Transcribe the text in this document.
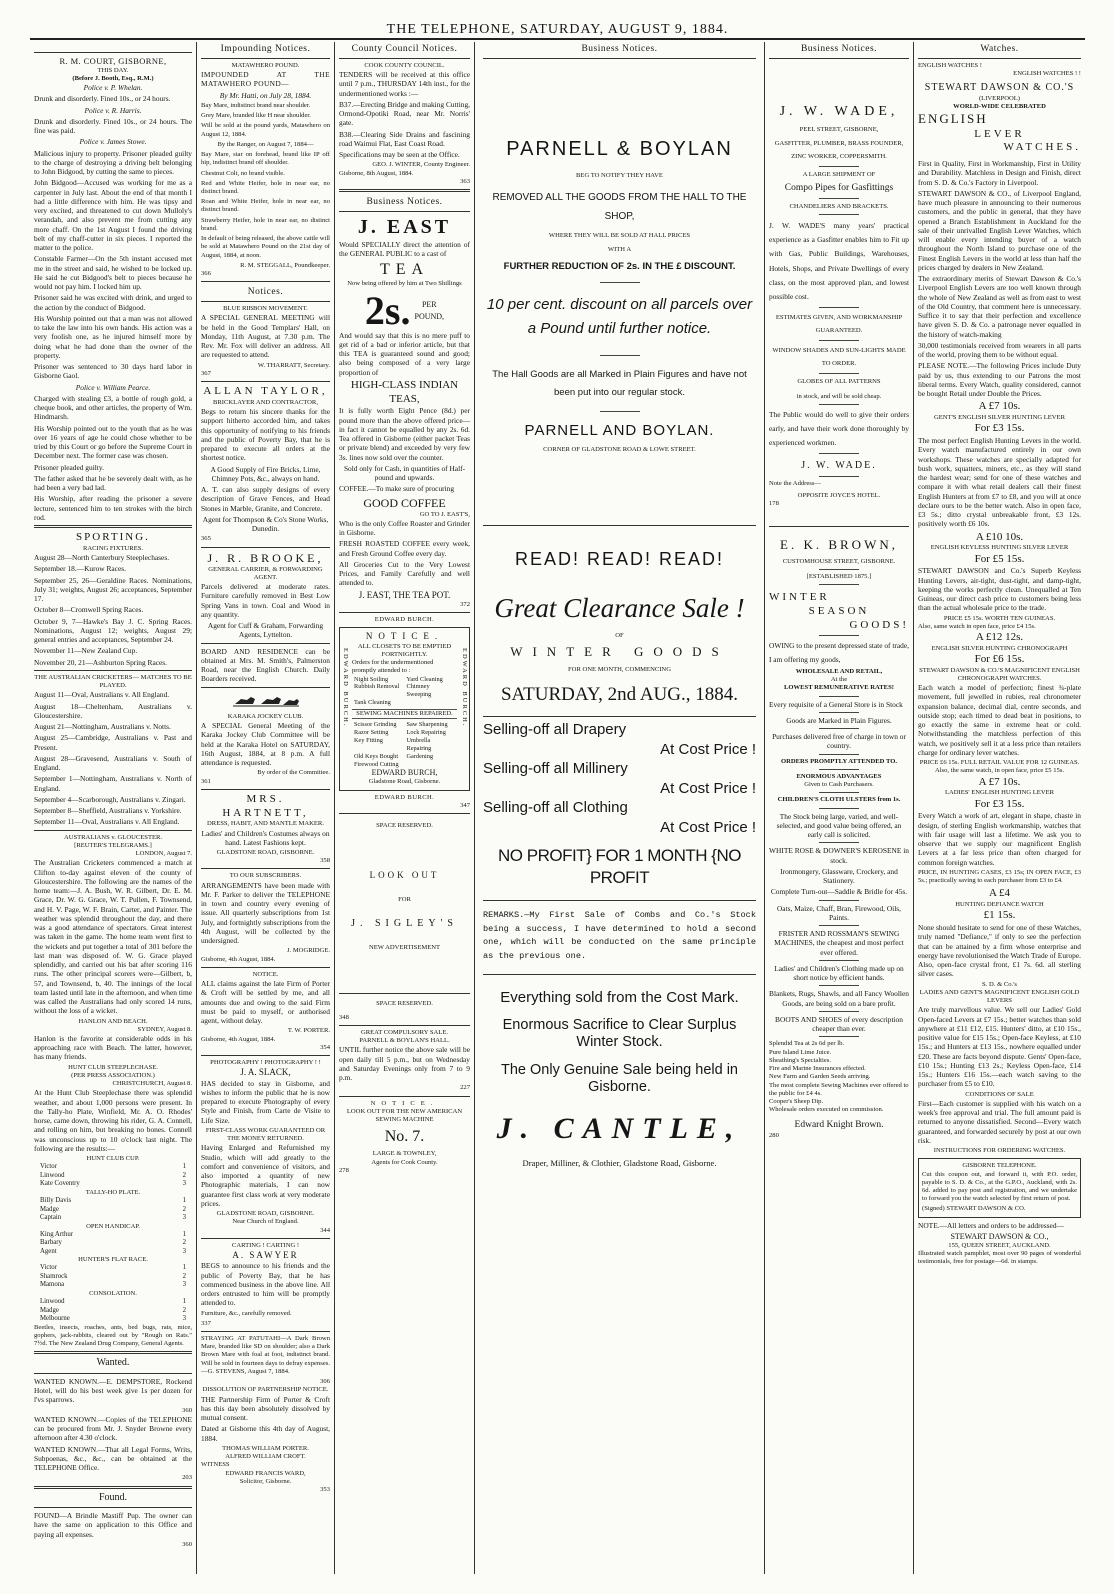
THE TELEPHONE, SATURDAY, AUGUST 9, 1884.
R. M. COURT, GISBORNE,
THIS DAY.
(Before J. Booth, Esq., R.M.)

Police v. P. Whelan.

Drunk and disorderly. Fined 10s., or 24 hours.

Police v. R. Harris.

Drunk and disorderly. Fined 10s., or 24 hours. The fine was paid.

Police v. James Stowe.

Malicious injury to property. Prisoner pleaded guilty to the charge of destroying a driving belt belonging to John Bidgood, by cutting the same to pieces.

John Bidgood—Accused was working for me as a carpenter in July last. About the end of that month I had a little difference with him. He was tipsy and very excited, and threatened to cut down Mulloly's verandah, and also prevent me from cutting any more chaff. On the 1st August I found the driving belt of my chaff-cutter in six pieces. I reported the matter to the police.

Constable Farmer—On the 5th instant accused met me in the street and said, he wished to be locked up. He said he cut Bidgood's belt to pieces because he would not pay him. I locked him up.

Prisoner said he was excited with drink, and urged to the action by the conduct of Bidgood.

His Worship pointed out that a man was not allowed to take the law into his own hands. His action was a very foolish one, as he injured himself more by doing what he had done than the owner of the property.

Prisoner was sentenced to 30 days hard labor in Gisborne Gaol.

Police v. William Pearce.

Charged with stealing £3, a bottle of rough gold, a cheque book, and other articles, the property of Wm. Hindmarsh.

His Worship pointed out to the youth that as he was over 16 years of age he could chose whether to be tried by this Court or go before the Supreme Court in December next. The former case was chosen.

Prisoner pleaded guilty.

The father asked that he be severely dealt with, as he had been a very bad lad.

His Worship, after reading the prisoner a severe lecture, sentenced him to ten strokes with the birch rod.

SPORTING.
RACING FIXTURES.

August 28—North Canterbury Steeplechases.

September 18.—Kurow Races.

September 25, 26—Geraldine Races. Nominations, July 31; weights, August 26; acceptances, September 17.

October 8—Cromwell Spring Races.

October 9, 7—Hawke's Bay J. C. Spring Races. Nominations, August 12; weights, August 29; general entries and acceptances, September 24.

November 11—New Zealand Cup.

November 20, 21—Ashburton Spring Races.

THE AUSTRALIAN CRICKETERS— MATCHES TO BE PLAYED.

August 11—Oval, Australians v. All England.

August 18—Cheltenham, Australians v. Gloucestershire.

August 21—Nottingham, Australians v. Notts.

August 25—Cambridge, Australians v. Past and Present.

August 28—Gravesend, Australians v. South of England.

September 1—Nottingham, Australians v. North of England.

September 4—Scarborough, Australians v. Zingari.

September 8—Sheffield, Australians v. Yorkshire.

September 11—Oval, Australians v. All England.

AUSTRALIANS v. GLOUCESTER.
[REUTER'S TELEGRAMS.]
LONDON, August 7.

The Australian Cricketers commenced a match at Clifton to-day against eleven of the county of Gloucestershire. The following are the names of the home team:—J. A. Bush, W. R. Gilbert, Dr. E. M. Grace, Dr. W. G. Grace, W. T. Pullen, F. Townsend, and H. V. Page, W. F. Brain, Carter, and Painter. The weather was splendid throughout the day, and there was a good attendance of spectators. Great interest was taken in the game. The home team went first to the wickets and put together a total of 301 before the last man was disposed of. W. G. Grace played splendidly, and carried out his bat after scoring 116 runs. The other principal scorers were—Gilbert, b, 57, and Townsend, b, 40. The innings of the local team lasted until late in the afternoon, and when time was called the Australians had only scored 14 runs, without the loss of a wicket.

HANLON AND BEACH.
SYDNEY, August 8.

Hanlon is the favorite at considerable odds in his approaching race with Beach. The latter, however, has many friends.

HUNT CLUB STEEPLECHASE.
(PER PRESS ASSOCIATION.)
CHRISTCHURCH, August 8.

At the Hunt Club Steeplechase there was splendid weather, and about 1,000 persons were present. In the Tally-ho Plate, Winfield, Mr. A. O. Rhodes' horse, came down, throwing his rider, G. A. Connell, and rolling on him, but breaking no bones. Connell was unconscious up to 10 o'clock last night. The following are the results:—

HUNT CLUB CUP.
Victor	1
Linwood	2
Kate Coventry	3
TALLY-HO PLATE.
Billy Davis	1
Madge	2
Captain	3
OPEN HANDICAP.
King Arthur	1
Barbary	2
Agent	3
HUNTER'S FLAT RACE.
Victor	1
Shamrock	2
Mamona	3
CONSOLATION.
Linwood	1
Madge	2
Melbourne	3

Beetles, insects, roaches, ants, bed bugs, rats, mice, gophers, jack-rabbits, cleared out by "Rough on Rats." 7½d. The New Zealand Drug Company, General Agents.

Wanted.

WANTED KNOWN.—E. DEMPSTORE, Rockend Hotel, will do his best week give 1s per dozen for l'vs sparrows.

360

WANTED KNOWN.—Copies of the TELEPHONE can be procured from Mr. J. Snyder Browne every afternoon after 4.30 o'clock.

WANTED KNOWN.—That all Legal Forms, Writs, Subpoenas, &c., &c., can be obtained at the TELEPHONE Office.

203
Found.

FOUND—A Brindle Mastiff Pup. The owner can have the same on application to this Office and paying all expenses.

360
Impounding Notices.
MATAWHERO POUND.

IMPOUNDED AT THE MATAWHERO POUND—

By Mr. Hatti, on July 28, 1884.

Bay Mare, indistinct brand near shoulder.

Grey Mare, branded like H near shoulder.

Will be sold at the pound yards, Matawhero on August 12, 1884.

By the Ranger, on August 7, 1884—

Bay Mare, star on forehead, brand like IP off hip, indistinct brand off shoulder.

Chestnut Colt, no brand visible.

Red and White Heifer, hole in near ear, no distinct brand.

Roan and White Heifer, hole in near ear, no distinct brand.

Strawberry Heifer, hole in near ear, no distinct brand.

In default of being released, the above cattle will be sold at Matawhero Pound on the 21st day of August, 1884, at noon.

R. M. STEGGALL, Poundkeeper.
366
Notices.
BLUE RIBBON MOVEMENT.

A SPECIAL GENERAL MEETING will be held in the Good Templars' Hall, on Monday, 11th August, at 7.30 p.m. The Rev. Mr. Fox will deliver an address. All are requested to attend.

W. THARRATT, Secretary.
367
ALLAN TAYLOR,
BRICKLAYER AND CONTRACTOR,

Begs to return his sincere thanks for the support hitherto accorded him, and takes this opportunity of notifying to his friends and the public of Poverty Bay, that he is prepared to execute all orders at the shortest notice.

A Good Supply of Fire Bricks, Lime, Chimney Pots, &c., always on hand.

A. T. can also supply designs of every description of Grave Fences, and Head Stones in Marble, Granite, and Concrete.

Agent for Thompson & Co's Stone Works, Dunedin.

365
J. R. BROOKE,
GENERAL CARRIER, & FORWARDING AGENT.

Parcels delivered at moderate rates. Furniture carefully removed in Best Low Spring Vans in town. Coal and Wood in any quantity.

Agent for Cuff & Graham, Forwarding Agents, Lyttelton.

BOARD AND RESIDENCE can be obtained at Mrs. M. Smith's, Palmerston Road, near the English Church. Daily Boarders received.

KARAKA JOCKEY CLUB.

A SPECIAL General Meeting of the Karaka Jockey Club Committee will be held at the Karaka Hotel on SATURDAY, 16th August, 1884, at 8 p.m. A full attendance is requested.

By order of the Committee.
361
MRS. HARTNETT,
DRESS, HABIT, AND MANTLE MAKER.

Ladies' and Children's Costumes always on hand. Latest Fashions kept.

GLADSTONE ROAD, GISBORNE.
358
TO OUR SUBSCRIBERS.

ARRANGEMENTS have been made with Mr. F. Parker to deliver the TELEPHONE in town and country every evening of issue. All quarterly subscriptions from 1st July, and fortnightly subscriptions from the 4th August, will be collected by the undersigned.

J. MOGRIDGE.
Gisborne, 4th August, 1884.
NOTICE.

ALL claims against the late Firm of Porter & Croft will be settled by me, and all amounts due and owing to the said Firm must be paid to myself, or authorised agent, without delay.

T. W. PORTER.
Gisborne, 4th August, 1884.
354
PHOTOGRAPHY ! PHOTOGRAPHY ! !
J. A. SLACK,

HAS decided to stay in Gisborne, and wishes to inform the public that he is now prepared to execute Photography of every Style and Finish, from Carte de Visite to Life Size.

FIRST-CLASS WORK GUARANTEED OR THE MONEY RETURNED.

Having Enlarged and Refurnished my Studio, which will add greatly to the comfort and convenience of visitors, and also imported a quantity of new Photographic materials, I can now guarantee first class work at very moderate prices.

GLADSTONE ROAD, GISBORNE.
Near Church of England.
344
CARTING ! CARTING !
A. SAWYER

BEGS to announce to his friends and the public of Poverty Bay, that he has commenced business in the above line. All orders entrusted to him will be promptly attended to.

Furniture, &c., carefully removed.

337

STRAYING AT PATUTAHI—A Dark Brown Mare, branded like SD on shoulder; also a Dark Brown Mare with foal at foot, indistinct brand. Will be sold in fourteen days to defray expenses.—G. STEVENS, August 7, 1884.

306
DISSOLUTION OF PARTNERSHIP NOTICE.

THE Partnership Firm of Porter & Croft has this day been absolutely dissolved by mutual consent.

Dated at Gisborne this 4th day of August, 1884.

THOMAS WILLIAM PORTER.
ALFRED WILLIAM CROFT.
WITNESS
EDWARD FRANCIS WARD,
Solicitor, Gisborne.
353
County Council Notices.
COOK COUNTY COUNCIL.

TENDERS will be received at this office until 7 p.m., THURSDAY 14th inst., for the undermentioned works :—

B37.—Erecting Bridge and making Cutting, Ormond-Opotiki Road, near Mr. Norris' gate.

B38.—Clearing Side Drains and fascining road Waimui Flat, East Coast Road.

Specifications may be seen at the Office.

GEO. J. WINTER, County Engineer.
Gisborne, 8th August, 1884.
363
Business Notices.
J. EAST

Would SPECIALLY direct the attention of the GENERAL PUBLIC to a cast of

TEA

Now being offered by him at Two Shillings

2s.	PER
POUND,

And would say that this is no mere puff to get rid of a bad or inferior article, but that this TEA is guaranteed sound and good; also being composed of a very large proportion of

HIGH-CLASS INDIAN TEAS,

It is fully worth Eight Pence (8d.) per pound more than the above offered price—in fact it cannot be equalled by any 2s. 6d. Tea offered in Gisborne (either packet Teas or private blend) and exceeded by very few 3s. lines now sold over the counter.

Sold only for Cash, in quantities of Half-pound and upwards.

COFFEE.—To make sure of procuring

GOOD COFFEE
GO TO J. EAST'S,

Who is the only Coffee Roaster and Grinder in Gisborne.

FRESH ROASTED COFFEE every week, and Fresh Ground Coffee every day.

All Groceries Cut to the Very Lowest Prices, and Family Carefully and well attended to.

J. EAST, THE TEA POT.
372
EDWARD BURCH.
EDWARD BURCH.	EDWARD BURCH.
NOTICE.
ALL CLOSETS TO BE EMPTIED FORTNIGHTLY.
Orders for the undermentioned promptly attended to :
Night Soiling	Yard Cleaning
Rubbish Removal	Chimney Sweeping
Tank Cleaning
SEWING MACHINES REPAIRED.
Scissor Grinding	Saw Sharpening
Razor Setting	Lock Repairing
Key Fitting	Umbrella Repairing
Old Keys Bought	Gardening
Firewood Cutting
EDWARD BURCH,
Gladstone Road, Gisborne.
EDWARD BURCH.
347
SPACE RESERVED.
LOOK OUT
FOR
J. SIGLEY'S
NEW ADVERTISEMENT
SPACE RESERVED.
348
GREAT COMPULSORY SALE.
PARNELL & BOYLAN'S HALL.

UNTIL further notice the above sale will be open daily till 5 p.m., but on Wednesday and Saturday Evenings only from 7 to 9 p.m.

227
NOTICE.

LOOK OUT FOR THE NEW AMERICAN SEWING MACHINE

No. 7.
LARGE & TOWNLEY,
Agents for Cook County.
278
Business Notices.
PARNELL & BOYLAN
BEG TO NOTIFY THEY HAVE
REMOVED ALL THE GOODS FROM THE HALL TO THE SHOP,
WHERE THEY WILL BE SOLD AT HALL PRICES
WITH A
FURTHER REDUCTION OF 2s. IN THE £ DISCOUNT.
10 per cent. discount on all parcels over a Pound until further notice.
The Hall Goods are all Marked in Plain Figures and have not been put into our regular stock.
PARNELL AND BOYLAN.
CORNER OF GLADSTONE ROAD & LOWE STREET.
READ! READ! READ!
Great Clearance Sale !
OF
WINTER GOODS
FOR ONE MONTH, COMMENCING
SATURDAY, 2nd AUG., 1884.
Selling-off all Drapery
At Cost Price !
Selling-off all Millinery
At Cost Price !
Selling-off all Clothing
At Cost Price !
NO PROFIT} FOR 1 MONTH {NO PROFIT

REMARKS.—My First Sale of Combs and Co.'s Stock being a success, I have determined to hold a second one, which will be conducted on the same principle as the previous one.

Everything sold from the Cost Mark.
Enormous Sacrifice to Clear Surplus Winter Stock.
The Only Genuine Sale being held in Gisborne.
J. CANTLE,
Draper, Milliner, & Clothier, Gladstone Road, Gisborne.
Business Notices.
J. W. WADE,
PEEL STREET, GISBORNE,
GASFITTER, PLUMBER, BRASS FOUNDER, ZINC WORKER, COPPERSMITH.
A LARGE SHIPMENT OF
Compo Pipes for Gasfittings
CHANDELIERS AND BRACKETS.

J. W. WADE'S many years' practical experience as a Gasfitter enables him to Fit up with Gas, Public Buildings, Warehouses, Hotels, Shops, and Private Dwellings of every class, on the most approved plan, and lowest possible cost.

ESTIMATES GIVEN, AND WORKMANSHIP GUARANTEED.
WINDOW SHADES AND SUN-LIGHTS MADE TO ORDER.
GLOBES OF ALL PATTERNS
in stock, and will be sold cheap.

The Public would do well to give their orders early, and have their work done thoroughly by experienced workmen.

J. W. WADE.
Note the Address—
OPPOSITE JOYCE'S HOTEL.
178
E. K. BROWN,
CUSTOMHOUSE STREET, GISBORNE.
[ESTABLISHED 1875.]
WINTER
SEASON
GOODS!

OWING to the present depressed state of trade, I am offering my goods,

WHOLESALE AND RETAIL,
At the
LOWEST REMUNERATIVE RATES!

Every requisite of a General Store is in Stock

Goods are Marked in Plain Figures.

Purchases delivered free of charge in town or country.

ORDERS PROMPTLY ATTENDED TO.
ENORMOUS ADVANTAGES
Given to Cash Purchasers.
CHILDREN'S CLOTH ULSTERS from 1s.

The Stock being large, varied, and well-selected, and good value being offered, an early call is solicited.

WHITE ROSE & DOWNER'S KEROSENE in stock.

Ironmongery, Glassware, Crockery, and Stationery.

Complete Turn-out—Saddle & Bridle for 45s.

Oats, Maize, Chaff, Bran, Firewood, Oils, Paints.

FRISTER AND ROSSMAN'S SEWING MACHINES, the cheapest and most perfect ever offered.

Ladies' and Children's Clothing made up on short notice by efficient hands.

Blankets, Rugs, Shawls, and all Fancy Woollen Goods, are being sold on a bare profit.

BOOTS AND SHOES of every description cheaper than ever.

Splendid Tea at 2s 6d per lb.
Pure Island Lime Juice.
Sheathing's Specialties.
Fire and Marine Insurances effected.
New Farm and Garden Seeds arriving.
The most complete Sewing Machines ever offered to the public for £4 4s.
Cooper's Sheep Dip.
Wholesale orders executed on commission.
Edward Knight Brown.
280
Watches.
ENGLISH WATCHES !
ENGLISH WATCHES ! !
STEWART DAWSON & CO.'S
(LIVERPOOL)
WORLD-WIDE CELEBRATED
ENGLISH
LEVER
WATCHES.

First in Quality, First in Workmanship, First in Utility and Durability. Matchless in Design and Finish, direct from S. D. & Co.'s Factory in Liverpool.

STEWART DAWSON & CO., of Liverpool England, have much pleasure in announcing to their numerous customers, and the public in general, that they have opened a Branch Establishment in Auckland for the sale of their unrivalled English Lever Watches, which will enable every intending buyer of a watch throughout the North Island to purchase one of the Finest English Levers in the world at less than half the prices charged by dealers in New Zealand.

The extraordinary merits of Stewart Dawson & Co.'s Liverpool English Levers are too well known through the whole of New Zealand as well as from east to west of the Old Country, that comment here is unnecessary. Suffice it to say that their perfection and excellence have given S. D. & Co. a patronage never equalled in the history of watch-making

30,000 testimonials received from wearers in all parts of the world, proving them to be without equal.

PLEASE NOTE.—The following Prices include Duty paid by us, thus extending to our Patrons the most liberal terms. Every Watch, quality considered, cannot be bought Retail under Double the Prices.

A £7 10s.
GENT'S ENGLISH SILVER HUNTING LEVER
For £3 15s.

The most perfect English Hunting Levers in the world. Every watch manufactured entirely in our own workshops. These watches are specially adapted for bush work, squatters, miners, etc., as they will stand the hardest wear; send for one of these watches and compare it with what retail dealers call their finest English Hunters at from £7 to £8, and you will at once declare ours to be the better watch. Also in open face, £3 5s.; ditto crystal unbreakable front, £3 12s. positively worth £6 10s.

A £10 10s.
ENGLISH KEYLESS HUNTING SILVER LEVER
For £5 15s.

STEWART DAWSON and Co.'s Superb Keyless Hunting Levers, air-tight, dust-tight, and damp-tight, keeping the works perfectly clean. Unequalled at Ten Guineas, our direct cash price to customers being less than the actual wholesale price to the trade.

PRICE £5 15s. WORTH TEN GUINEAS.
Also, same watch in open face, price £4 15s.
A £12 12s.
ENGLISH SILVER HUNTING CHRONOGRAPH
For £6 15s.
STEWART DAWSON & CO.'S MAGNIFICENT ENGLISH CHRONOGRAPH WATCHES.

Each watch a model of perfection; finest ¾-plate movement, full jewelled in rubies, real chronometer expansion balance, decimal dial, centre seconds, and outside stop; each timed to dead beat in positions, to go exactly the same in extreme heat or cold. Notwithstanding the matchless perfection of this watch, we positively sell it at a less price than retailers charge for ordinary lever watches.

PRICE £6 15s. FULL RETAIL VALUE FOR 12 GUINEAS.
Also, the same watch, in open face, price £5 15s.
A £7 10s.
LADIES' ENGLISH HUNTING LEVER
For £3 15s.

Every Watch a work of art, elegant in shape, chaste in design, of sterling English workmanship, watches that with fair usage will last a lifetime. We ask you to observe that we supply our magnificent English Levers at a far less price than often charged for common foreign watches.

PRICE, IN HUNTING CASES, £3 15s; IN OPEN FACE, £3 5s.; practically saving to each purchaser from £3 to £4.

A £4
HUNTING DEFIANCE WATCH
£1 15s.

None should hesitate to send for one of these Watches, truly named "Defiance," if only to see the perfection that can be attained by a firm whose enterprise and energy have revolutionised the Watch Trade of Europe. Also, open-face crystal front, £1 7s. 6d. all sterling silver cases.

S. D. & Co.'s
LADIES AND GENT'S MAGNIFICENT ENGLISH GOLD LEVERS

Are truly marvellous value. We sell our Ladies' Gold Open-faced Levers at £7 15s.; better watches than sold anywhere at £11 £12, £15. Hunters' ditto, at £10 15s., positive value for £15 15s.; Open-face Keyless, at £10 15s.; and Hunters at £13 15s., nowhere equalled under £20. These are facts beyond dispute. Gents' Open-face, £10 15s.; Hunting £13 2s.; Keyless Open-face, £14 15s.; Hunters £16 15s.—each watch saving to the purchaser from £5 to £10.

CONDITIONS OF SALE

First—Each customer is supplied with his watch on a week's free approval and trial. The full amount paid is returned to anyone dissatisfied. Second—Every watch guaranteed, and forwarded securely by post at our own risk.

INSTRUCTIONS FOR ORDERING WATCHES.
GISBORNE TELEPHONE.

Cut this coupon out, and forward it, with P.O. order, payable to S. D. & Co., at the G.P.O., Auckland, with 2s. 6d. added to pay post and registration, and we undertake to forward you the watch selected by first return of post.

(Signed) STEWART DAWSON & CO.

NOTE.—All letters and orders to be addressed—

STEWART DAWSON & CO.,
155, QUEEN STREET, AUCKLAND.

Illustrated watch pamphlet, most over 90 pages of wonderful testimonials, free for postage—6d. in stamps.
